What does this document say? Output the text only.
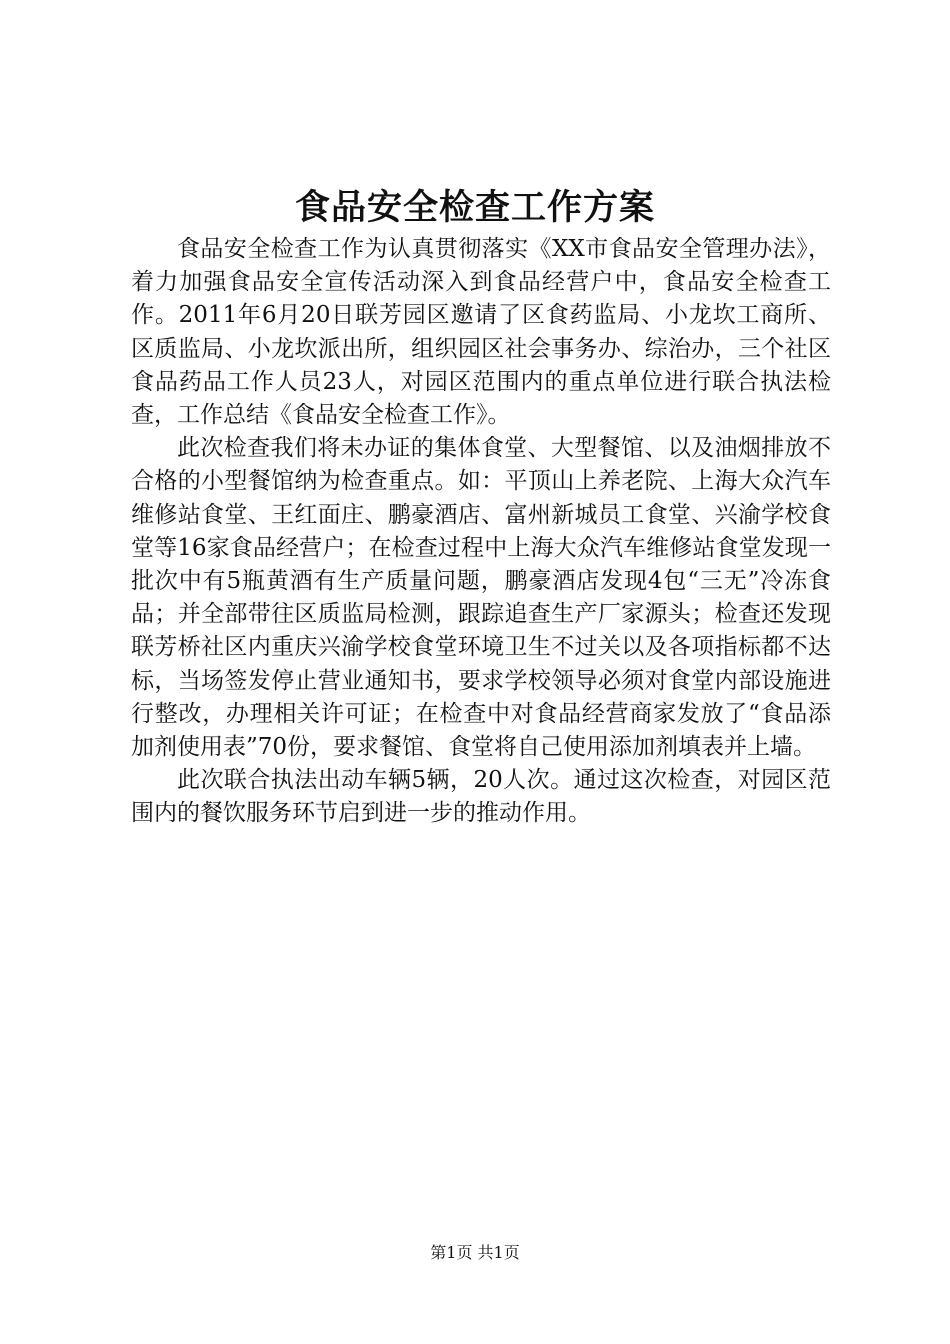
食品安全检查工作方案

食品安全检查工作为认真贯彻落实《XX市食品安全管理办法》，着力加强食品安全宣传活动深入到食品经营户中，食品安全检查工作。2011年6月20日联芳园区邀请了区食药监局、小龙坎工商所、区质监局、小龙坎派出所，组织园区社会事务办、综治办，三个社区食品药品工作人员23人，对园区范围内的重点单位进行联合执法检查，工作总结《食品安全检查工作》。

此次检查我们将未办证的集体食堂、大型餐馆、以及油烟排放不合格的小型餐馆纳为检查重点。如：平顶山上养老院、上海大众汽车维修站食堂、王红面庄、鹏豪酒店、富州新城员工食堂、兴渝学校食堂等16家食品经营户；在检查过程中上海大众汽车维修站食堂发现一批次中有5瓶黄酒有生产质量问题，鹏豪酒店发现4包“三无”冷冻食品；并全部带往区质监局检测，跟踪追查生产厂家源头；检查还发现联芳桥社区内重庆兴渝学校食堂环境卫生不过关以及各项指标都不达标，当场签发停止营业通知书，要求学校领导必须对食堂内部设施进行整改，办理相关许可证；在检查中对食品经营商家发放了“食品添加剂使用表”70份，要求餐馆、食堂将自己使用添加剂填表并上墙。

此次联合执法出动车辆5辆，20人次。通过这次检查，对园区范围内的餐饮服务环节启到进一步的推动作用。

第1页 共1页
